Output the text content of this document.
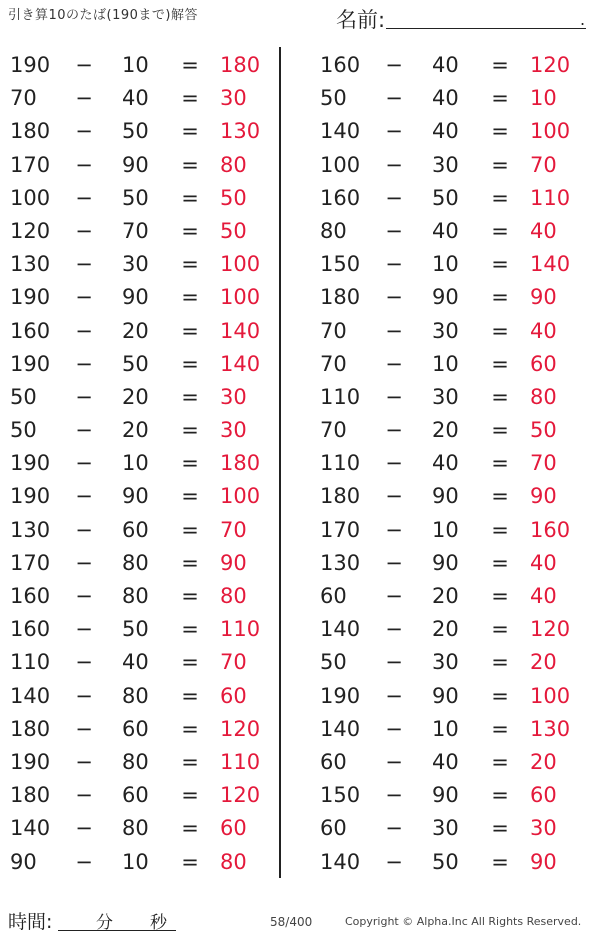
引き算10のたば(190まで)解答	名前:	.
190 − 10	= 180
70	− 40	= 30
180 − 50	= 130
170 − 90	= 80
100 − 50	= 50
120 − 70	= 50
130 − 30	= 100
190 − 90	= 100
160 − 20	= 140
190 − 50	= 140
50	− 20	= 30
50	− 20	= 30
190 − 10	= 180
190 − 90	= 100
130 − 60	= 70
170 − 80	= 90
160 − 80	= 80
160 − 50	= 110
110 − 40	= 70
140 − 80	= 60
180 − 60	= 120
190 − 80	= 110
180 − 60	= 120
140 − 80	= 60
90	− 10	= 80
160 − 40	= 120
50	− 40	= 10
140 − 40	= 100
100 − 30	= 70
160 − 50	= 110
80	− 40	= 40
150 − 10	= 140
180 − 90	= 90
70	− 30	= 40
70	− 10	= 60
110 − 30	= 80
70	− 20	= 50
110 − 40	= 70
180 − 90	= 90
170 − 10	= 160
130 − 90	= 40
60	− 20	= 40
140 − 20	= 120
50	− 30	= 20
190 − 90	= 100
140 − 10	= 130
60	− 40	= 20
150 − 90	= 60
60	− 30	= 30
140 − 50	= 90
時間:	分 秒	58/400	Copyright © Alpha.Inc All Rights Reserved.
